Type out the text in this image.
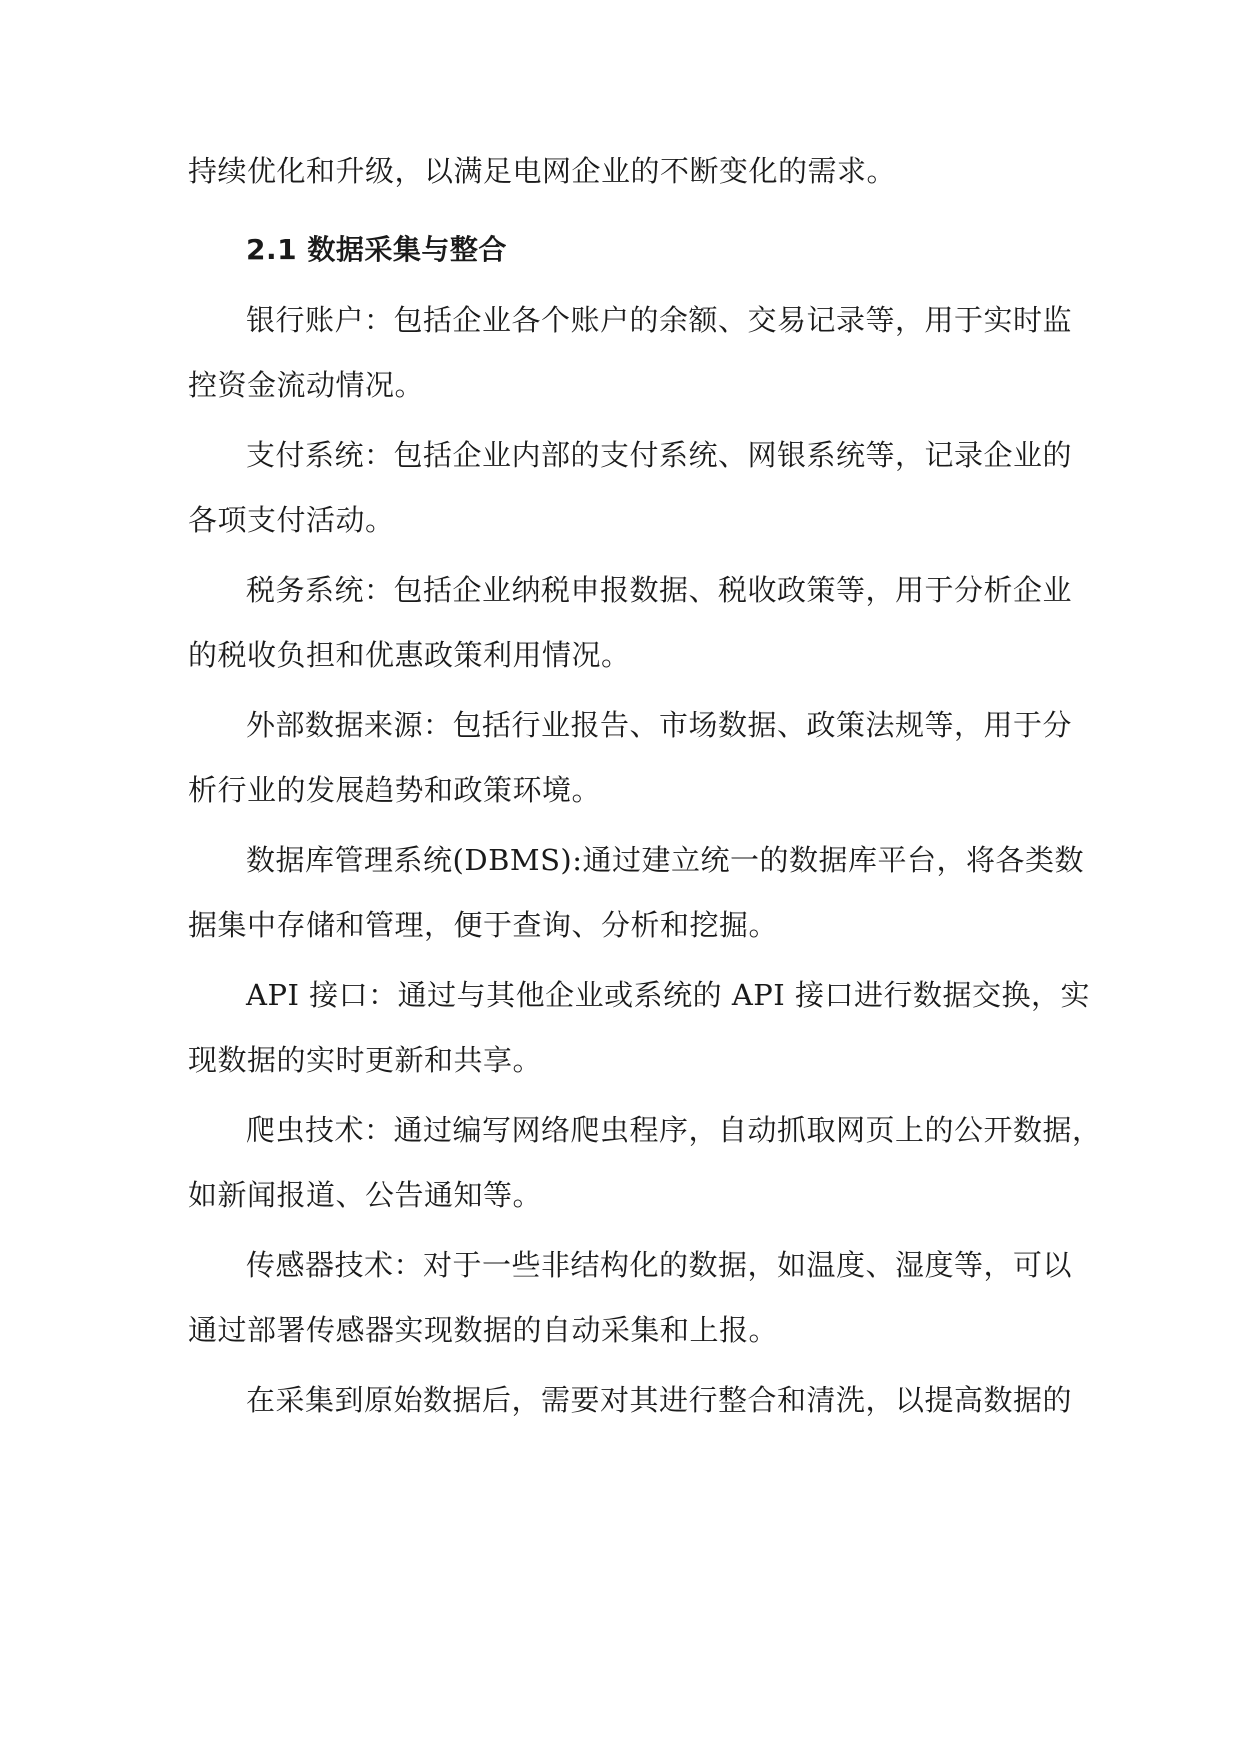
持续优化和升级，以满足电网企业的不断变化的需求。
2.1 数据采集与整合
银行账户：包括企业各个账户的余额、交易记录等，用于实时监
控资金流动情况。
支付系统：包括企业内部的支付系统、网银系统等，记录企业的
各项支付活动。
税务系统：包括企业纳税申报数据、税收政策等，用于分析企业
的税收负担和优惠政策利用情况。
外部数据来源：包括行业报告、市场数据、政策法规等，用于分
析行业的发展趋势和政策环境。
数据库管理系统(DBMS):通过建立统一的数据库平台，将各类数
据集中存储和管理，便于查询、分析和挖掘。
API 接口：通过与其他企业或系统的 API 接口进行数据交换，实
现数据的实时更新和共享。
爬虫技术：通过编写网络爬虫程序，自动抓取网页上的公开数据，
如新闻报道、公告通知等。
传感器技术：对于一些非结构化的数据，如温度、湿度等，可以
通过部署传感器实现数据的自动采集和上报。
在采集到原始数据后，需要对其进行整合和清洗，以提高数据的
